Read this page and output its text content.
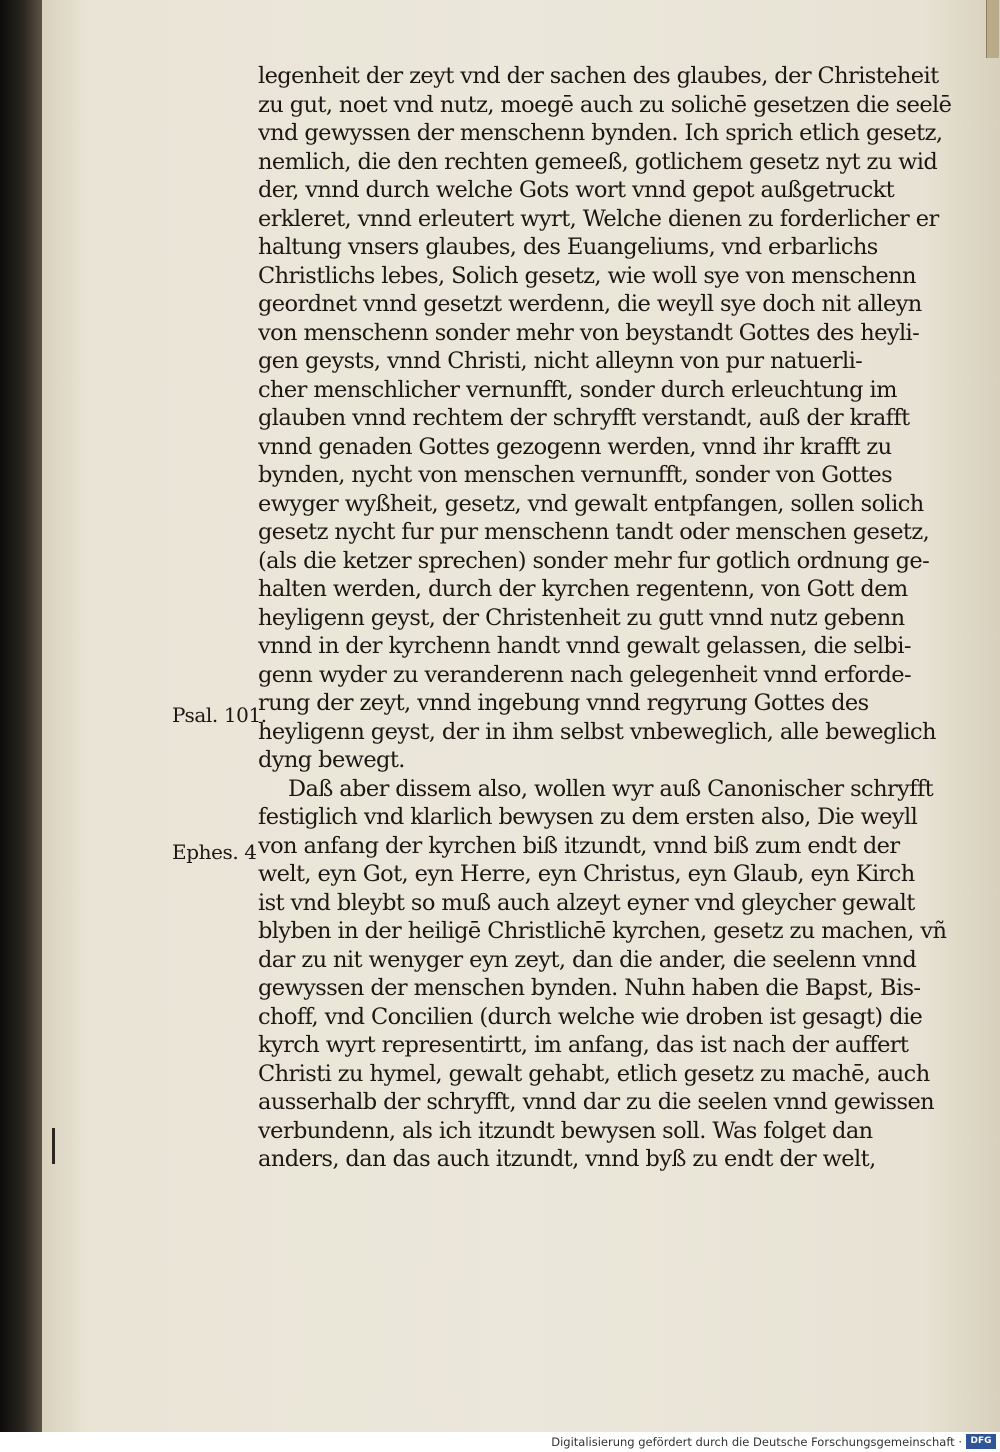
legenheit der zeyt vnd der sachen des glaubes, der Christeheit
zu gut, noet vnd nutz, moegē auch zu solichē gesetzen die seelē
vnd gewyssen der menschenn bynden. Ich sprich etlich gesetz,
nemlich, die den rechten gemeeß, gotlichem gesetz nyt zu wid
der, vnnd durch welche Gots wort vnnd gepot außgetruckt
erkleret, vnnd erleutert wyrt, Welche dienen zu forderlicher er
haltung vnsers glaubes, des Euangeliums, vnd erbarlichs
Christlichs lebes, Solich gesetz, wie woll sye von menschenn
geordnet vnnd gesetzt werdenn, die weyll sye doch nit alleyn
von menschenn sonder mehr von beystandt Gottes des heyli-
gen geysts, vnnd Christi, nicht alleynn von pur natuerli-
cher menschlicher vernunfft, sonder durch erleuchtung im
glauben vnnd rechtem der schryfft verstandt, auß der krafft
vnnd genaden Gottes gezogenn werden, vnnd ihr krafft zu
bynden, nycht von menschen vernunfft, sonder von Gottes
ewyger wyßheit, gesetz, vnd gewalt entpfangen, sollen solich
gesetz nycht fur pur menschenn tandt oder menschen gesetz,
(als die ketzer sprechen) sonder mehr fur gotlich ordnung ge-
halten werden, durch der kyrchen regentenn, von Gott dem
heyligenn geyst, der Christenheit zu gutt vnnd nutz gebenn
vnnd in der kyrchenn handt vnnd gewalt gelassen, die selbi-
genn wyder zu veranderenn nach gelegenheit vnnd erforde-
rung der zeyt, vnnd ingebung vnnd regyrung Gottes des
heyligenn geyst, der in ihm selbst vnbeweglich, alle beweglich
dyng bewegt.
Daß aber dissem also, wollen wyr auß Canonischer schryfft
festiglich vnd klarlich bewysen zu dem ersten also, Die weyll
von anfang der kyrchen biß itzundt, vnnd biß zum endt der
welt, eyn Got, eyn Herre, eyn Christus, eyn Glaub, eyn Kirch
ist vnd bleybt so muß auch alzeyt eyner vnd gleycher gewalt
blyben in der heiligē Christlichē kyrchen, gesetz zu machen, vñ
dar zu nit wenyger eyn zeyt, dan die ander, die seelenn vnnd
gewyssen der menschen bynden. Nuhn haben die Bapst, Bis-
choff, vnd Concilien (durch welche wie droben ist gesagt) die
kyrch wyrt representirtt, im anfang, das ist nach der auffert
Christi zu hymel, gewalt gehabt, etlich gesetz zu machē, auch
ausserhalb der schryfft, vnnd dar zu die seelen vnnd gewissen
verbundenn, als ich itzundt bewysen soll. Was folget dan
anders, dan das auch itzundt, vnnd byß zu endt der welt,
Psal. 101.
Ephes. 4
Digitalisierung gefördert durch die Deutsche Forschungsgemeinschaft · DFG
